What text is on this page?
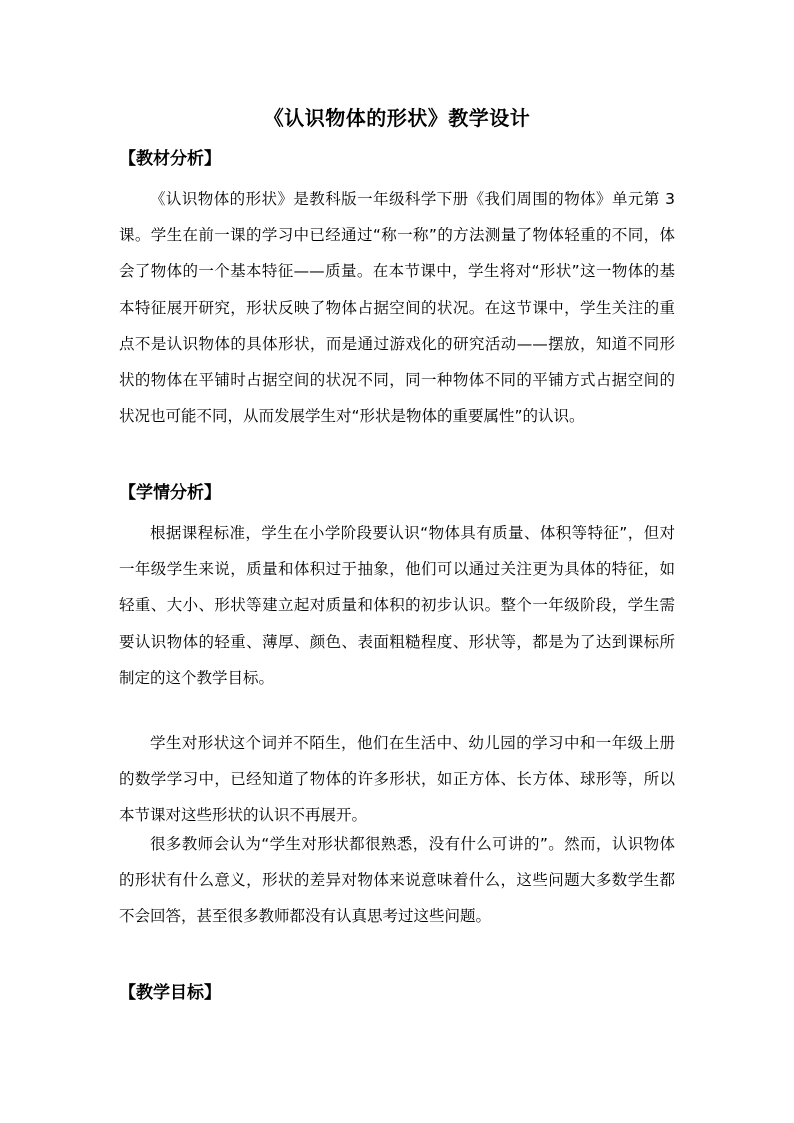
《认识物体的形状》教学设计
【教材分析】
《认识物体的形状》是教科版一年级科学下册《我们周围的物体》单元第 3 课。学生在前一课的学习中已经通过“称一称”的方法测量了物体轻重的不同，体会了物体的一个基本特征——质量。在本节课中，学生将对“形状”这一物体的基本特征展开研究，形状反映了物体占据空间的状况。在这节课中，学生关注的重点不是认识物体的具体形状，而是通过游戏化的研究活动——摆放，知道不同形状的物体在平铺时占据空间的状况不同，同一种物体不同的平铺方式占据空间的状况也可能不同，从而发展学生对“形状是物体的重要属性”的认识。
【学情分析】
根据课程标准，学生在小学阶段要认识“物体具有质量、体积等特征”，但对一年级学生来说，质量和体积过于抽象，他们可以通过关注更为具体的特征，如轻重、大小、形状等建立起对质量和体积的初步认识。整个一年级阶段，学生需要认识物体的轻重、薄厚、颜色、表面粗糙程度、形状等，都是为了达到课标所制定的这个教学目标。
学生对形状这个词并不陌生，他们在生活中、幼儿园的学习中和一年级上册的数学学习中，已经知道了物体的许多形状，如正方体、长方体、球形等，所以本节课对这些形状的认识不再展开。
很多教师会认为“学生对形状都很熟悉，没有什么可讲的”。然而，认识物体的形状有什么意义，形状的差异对物体来说意味着什么，这些问题大多数学生都不会回答，甚至很多教师都没有认真思考过这些问题。
【教学目标】
